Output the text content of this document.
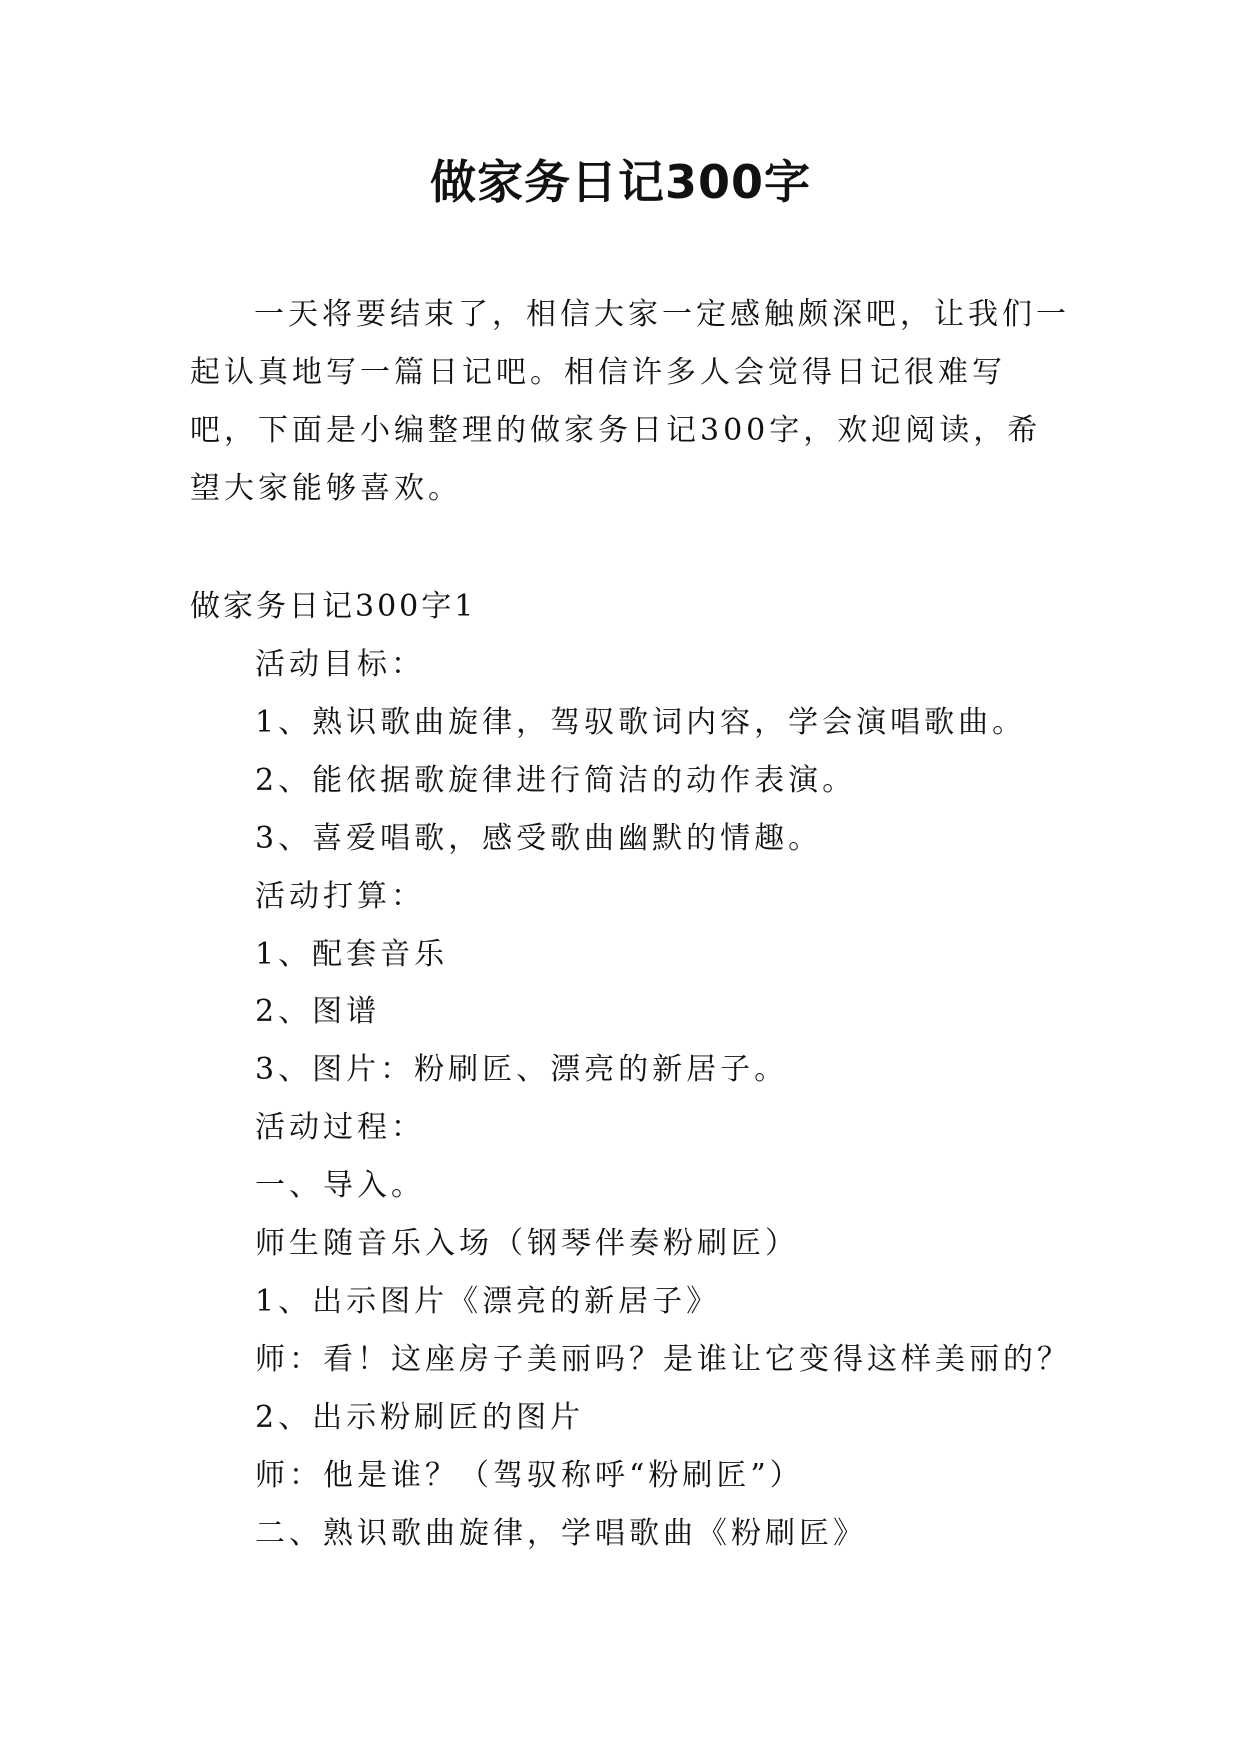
做家务日记300字

一天将要结束了，相信大家一定感触颇深吧，让我们一起认真地写一篇日记吧。相信许多人会觉得日记很难写吧，下面是小编整理的做家务日记300字，欢迎阅读，希望大家能够喜欢。

做家务日记300字1

活动目标：
1、熟识歌曲旋律，驾驭歌词内容，学会演唱歌曲。
2、能依据歌旋律进行简洁的动作表演。
3、喜爱唱歌，感受歌曲幽默的情趣。
活动打算：
1、配套音乐
2、图谱
3、图片：粉刷匠、漂亮的新居子。
活动过程：
一、导入。
师生随音乐入场（钢琴伴奏粉刷匠）
1、出示图片《漂亮的新居子》
师：看！这座房子美丽吗？是谁让它变得这样美丽的？
2、出示粉刷匠的图片
师：他是谁？（驾驭称呼“粉刷匠”）
二、熟识歌曲旋律，学唱歌曲《粉刷匠》
